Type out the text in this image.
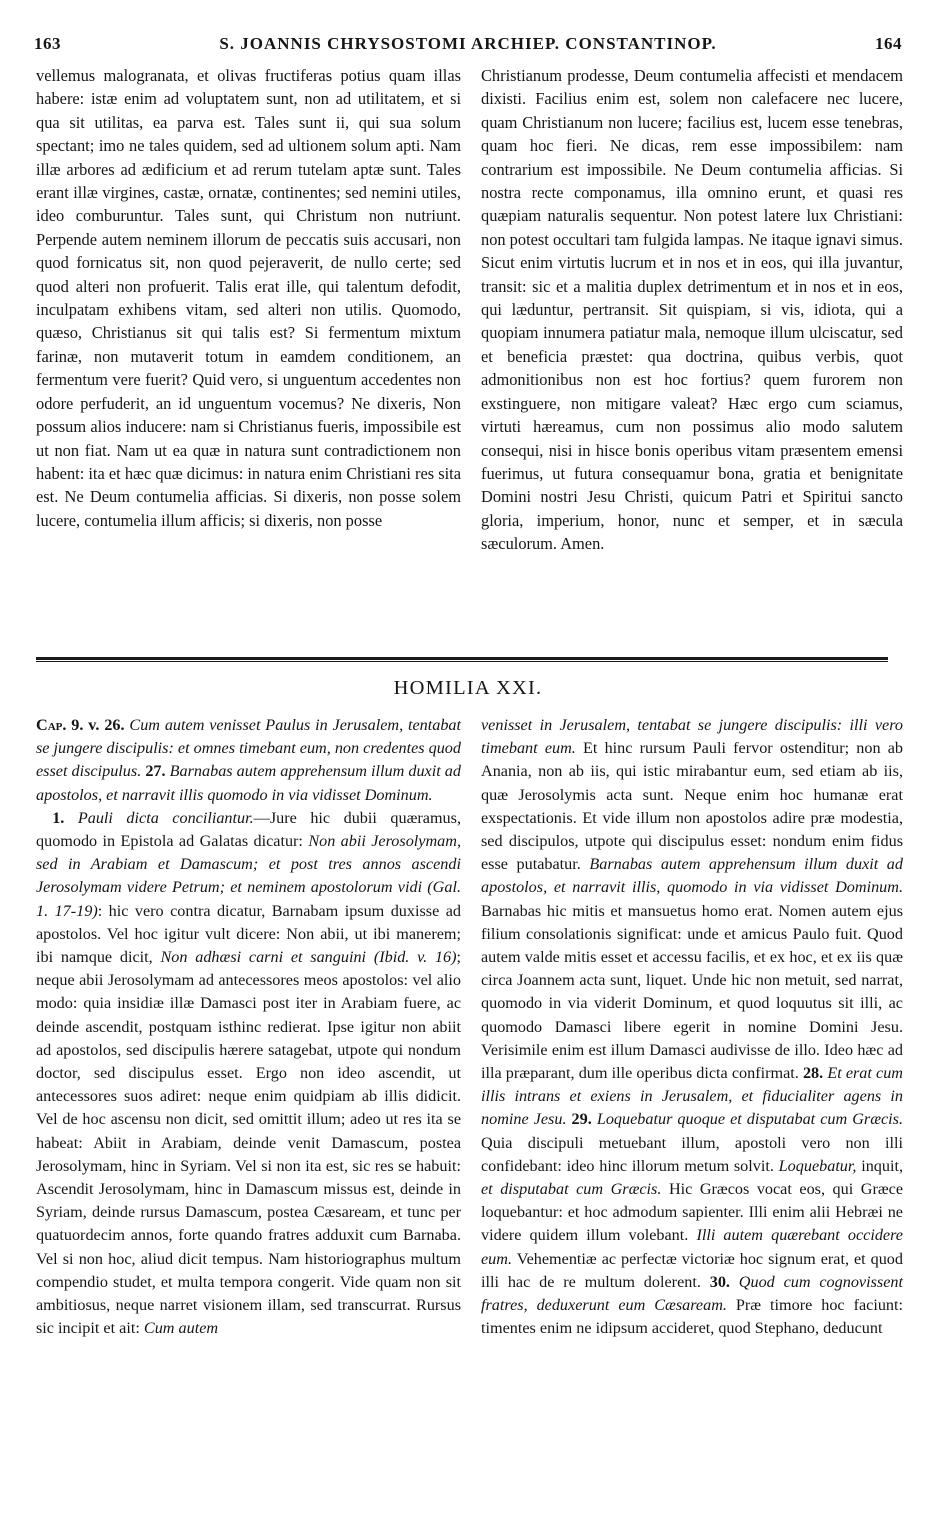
163	S. JOANNIS CHRYSOSTOMI ARCHIEP. CONSTANTINOP.	164

vellemus malogranata, et olivas fructiferas potius quam illas habere: istæ enim ad voluptatem sunt, non ad utilitatem, et si qua sit utilitas, ea parva est. Tales sunt ii, qui sua solum spectant; imo ne tales quidem, sed ad ultionem solum apti. Nam illæ arbores ad ædificium et ad rerum tutelam aptæ sunt. Tales erant illæ virgines, castæ, ornatæ, continentes; sed nemini utiles, ideo comburuntur. Tales sunt, qui Christum non nutriunt. Perpende autem neminem illorum de peccatis suis accusari, non quod fornicatus sit, non quod pejeraverit, de nullo certe; sed quod alteri non profuerit. Talis erat ille, qui talentum defodit, inculpatam exhibens vitam, sed alteri non utilis. Quomodo, quæso, Christianus sit qui talis est? Si fermentum mixtum farinæ, non mutaverit totum in eamdem conditionem, an fermentum vere fuerit? Quid vero, si unguentum accedentes non odore perfuderit, an id unguentum vocemus? Ne dixeris, Non possum alios inducere: nam si Christianus fueris, impossibile est ut non fiat. Nam ut ea quæ in natura sunt contradictionem non habent: ita et hæc quæ dicimus: in natura enim Christiani res sita est. Ne Deum contumelia afficias. Si dixeris, non posse solem lucere, contumelia illum afficis; si dixeris, non posse

Christianum prodesse, Deum contumelia affecisti et mendacem dixisti. Facilius enim est, solem non calefacere nec lucere, quam Christianum non lucere; facilius est, lucem esse tenebras, quam hoc fieri. Ne dicas, rem esse impossibilem: nam contrarium est impossibile. Ne Deum contumelia afficias. Si nostra recte componamus, illa omnino erunt, et quasi res quæpiam naturalis sequentur. Non potest latere lux Christiani: non potest occultari tam fulgida lampas. Ne itaque ignavi simus. Sicut enim virtutis lucrum et in nos et in eos, qui illa juvantur, transit: sic et a malitia duplex detrimentum et in nos et in eos, qui læduntur, pertransit. Sit quispiam, si vis, idiota, qui a quopiam innumera patiatur mala, nemoque illum ulciscatur, sed et beneficia præstet: qua doctrina, quibus verbis, quot admonitionibus non est hoc fortius? quem furorem non exstinguere, non mitigare valeat? Hæc ergo cum sciamus, virtuti hæreamus, cum non possimus alio modo salutem consequi, nisi in hisce bonis operibus vitam præsentem emensi fuerimus, ut futura consequamur bona, gratia et benignitate Domini nostri Jesu Christi, quicum Patri et Spiritui sancto gloria, imperium, honor, nunc et semper, et in sæcula sæculorum. Amen.

HOMILIA XXI.

Cap. 9. v. 26. Cum autem venisset Paulus in Jerusalem, tentabat se jungere discipulis: et omnes timebant eum, non credentes quod esset discipulus. 27. Barnabas autem apprehensum illum duxit ad apostolos, et narravit illis quomodo in via vidisset Dominum.

 1. Pauli dicta conciliantur.—Jure hic dubii quæramus, quomodo in Epistola ad Galatas dicatur: Non abii Jerosolymam, sed in Arabiam et Damascum; et post tres annos ascendi Jerosolymam videre Petrum; et neminem apostolorum vidi (Gal. 1. 17-19): hic vero contra dicatur, Barnabam ipsum duxisse ad apostolos. Vel hoc igitur vult dicere: Non abii, ut ibi manerem; ibi namque dicit, Non adhæsi carni et sanguini (Ibid. v. 16); neque abii Jerosolymam ad antecessores meos apostolos: vel alio modo: quia insidiæ illæ Damasci post iter in Arabiam fuere, ac deinde ascendit, postquam isthinc redierat. Ipse igitur non abiit ad apostolos, sed discipulis hærere satagebat, utpote qui nondum doctor, sed discipulus esset. Ergo non ideo ascendit, ut antecessores suos adiret: neque enim quidpiam ab illis didicit. Vel de hoc ascensu non dicit, sed omittit illum; adeo ut res ita se habeat: Abiit in Arabiam, deinde venit Damascum, postea Jerosolymam, hinc in Syriam. Vel si non ita est, sic res se habuit: Ascendit Jerosolymam, hinc in Damascum missus est, deinde in Syriam, deinde rursus Damascum, postea Cæsaream, et tunc per quatuordecim annos, forte quando fratres adduxit cum Barnaba. Vel si non hoc, aliud dicit tempus. Nam historiographus multum compendio studet, et multa tempora congerit. Vide quam non sit ambitiosus, neque narret visionem illam, sed transcurrat. Rursus sic incipit et ait: Cum autem

venisset in Jerusalem, tentabat se jungere discipulis: illi vero timebant eum. Et hinc rursum Pauli fervor ostenditur; non ab Anania, non ab iis, qui istic mirabantur eum, sed etiam ab iis, quæ Jerosolymis acta sunt. Neque enim hoc humanæ erat exspectationis. Et vide illum non apostolos adire præ modestia, sed discipulos, utpote qui discipulus esset: nondum enim fidus esse putabatur. Barnabas autem apprehensum illum duxit ad apostolos, et narravit illis, quomodo in via vidisset Dominum. Barnabas hic mitis et mansuetus homo erat. Nomen autem ejus filium consolationis significat: unde et amicus Paulo fuit. Quod autem valde mitis esset et accessu facilis, et ex hoc, et ex iis quæ circa Joannem acta sunt, liquet. Unde hic non metuit, sed narrat, quomodo in via viderit Dominum, et quod loquutus sit illi, ac quomodo Damasci libere egerit in nomine Domini Jesu. Verisimile enim est illum Damasci audivisse de illo. Ideo hæc ad illa præparant, dum ille operibus dicta confirmat. 28. Et erat cum illis intrans et exiens in Jerusalem, et fiducialiter agens in nomine Jesu. 29. Loquebatur quoque et disputabat cum Græcis. Quia discipuli metuebant illum, apostoli vero non illi confidebant: ideo hinc illorum metum solvit. Loquebatur, inquit, et disputabat cum Græcis. Hic Græcos vocat eos, qui Græce loquebantur: et hoc admodum sapienter. Illi enim alii Hebræi ne videre quidem illum volebant. Illi autem quærebant occidere eum. Vehementiæ ac perfectæ victoriæ hoc signum erat, et quod illi hac de re multum dolerent. 30. Quod cum cognovissent fratres, deduxerunt eum Cæsaream. Præ timore hoc faciunt: timentes enim ne idipsum accideret, quod Stephano, deducunt
